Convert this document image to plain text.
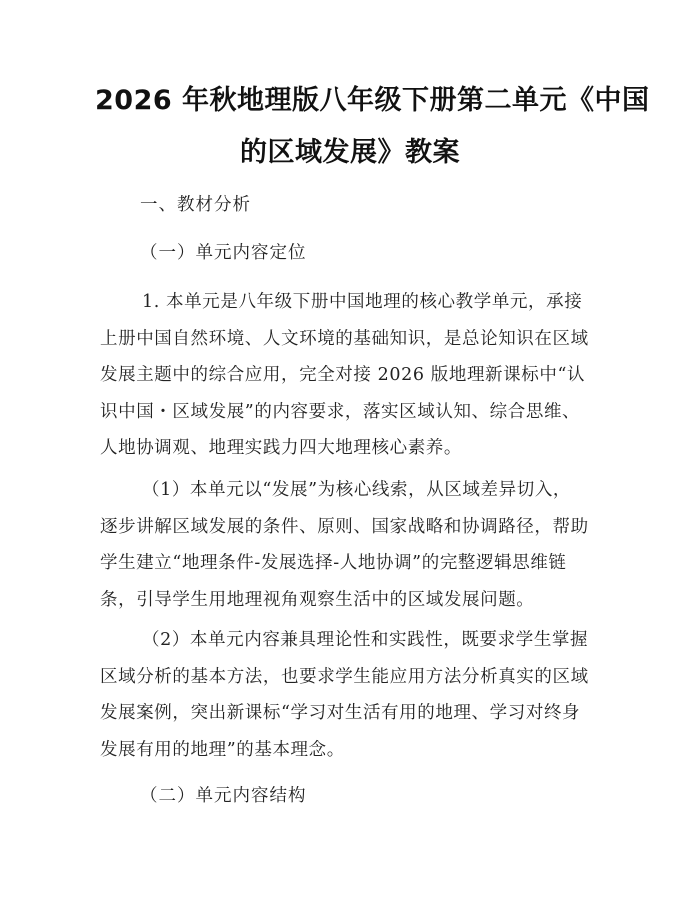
2026 年秋地理版八年级下册第二单元《中国
的区域发展》教案
一、教材分析
（一）单元内容定位
1. 本单元是八年级下册中国地理的核心教学单元，承接
上册中国自然环境、人文环境的基础知识，是总论知识在区域
发展主题中的综合应用，完全对接 2026 版地理新课标中“认
识中国・区域发展”的内容要求，落实区域认知、综合思维、
人地协调观、地理实践力四大地理核心素养。
（1）本单元以“发展”为核心线索，从区域差异切入，
逐步讲解区域发展的条件、原则、国家战略和协调路径，帮助
学生建立“地理条件-发展选择-人地协调”的完整逻辑思维链
条，引导学生用地理视角观察生活中的区域发展问题。
（2）本单元内容兼具理论性和实践性，既要求学生掌握
区域分析的基本方法，也要求学生能应用方法分析真实的区域
发展案例，突出新课标“学习对生活有用的地理、学习对终身
发展有用的地理”的基本理念。
（二）单元内容结构
